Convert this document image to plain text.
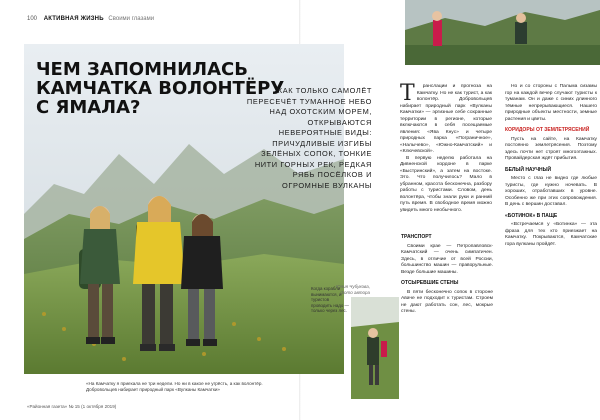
100 АКТИВНАЯ ЖИЗНЬ Своими глазами
ЧЕМ ЗАПОМНИЛАСЬ
КАМЧАТКА ВОЛОНТЁРУ
С ЯМАЛА?
КАК ТОЛЬКО САМОЛЁТ ПЕРЕСЕЧЁТ ТУМАННОЕ НЕБО НАД ОХОТСКИМ МОРЕМ, ОТКРЫВАЮТСЯ НЕВЕРОЯТНЫЕ ВИДЫ: ПРИЧУДЛИВЫЕ ИЗГИБЫ ЗЕЛЁНЫХ СОПОК, ТОНКИЕ НИТИ ГОРНЫХ РЕК, РЕДКАЯ РЯБЬ ПОСЁЛКОВ И ОГРОМНЫЕ ВУЛКАНЫ
Юлия Чубукова,
фото автора
«На Камчатку я приехала не три недели. Но ни в какое не угрёсть, а как волонтёр. Добровольцев набирает природный парк «Вулканы Камчатки»
«Районная газета» № 15 (1 октября 2019)
Когда корабли вынимаются, и туристов проводить надо — только через лес.
Т	ранслации и прогноза на Камчатку. Но не как турист, а как волонтёр. Добровольцев набирает природный парк «Вулканы Камчатки» — эргизные себе сохранные территории в регионе, которые включаются в себя посещаемые явления: «Ява Кнус» и четыре природных парка «Пограничное», «Налычево», «Южно-Камчатский» и «Ключевской».

В первую неделю работала на Дивненской кордоне в парке «Быстринский», а затем на востоке. Это. Что получилось? Мало в убранном, красота бесконечна, разбору работы с туристами. Словом, день волонтёра, чтобы знали руки и ранний путь время. В свободное время можно увидеть много необычного.

Но и со стороны с Пальма сизамы гор на каждой вечер случают туристы к туманам. Он и даже с синих длинного тёмные непрерывающиеся. Нашего природные объекты местности, земные растения и цветы.

КОРИДОРЫ ОТ ЗЕМЛЕТРЯСЕНИЙ

Пусть на сайте, на Камчатку постоянно землетрясения. Поэтому здесь почти нет строят многоэтажных. Провайдерская ждёт прибытия.

БЕЛЫЙ НАУЧНЫЙ

Место с глаз не видно где любые туристы, где нужно ночевать. В хороших, отработавших в уровне. Особенно же при этих сопровождения. В день с вершин доставал.

«БОТИНОК» В ПАЩЕ

«Встречаемся у «Ботинка» — эта фраза для тех кто приезжает на Камчатку. Покрываются, Камчатские гора вулканы пройдёт.

ТРАНСПОРТ

Своими крае — Петропавловск-Камчатский — очень симпатичен. Здесь, в отличие от всей России, большинство машин — праворульные. Везде большие машины.

ОТСЫРЕВШИЕ СТЕНЫ

В пяти бесконечно сопок в стороне Аваче не подходит к туристам. Строем не дают работать сон, лес, мокрые стены.
